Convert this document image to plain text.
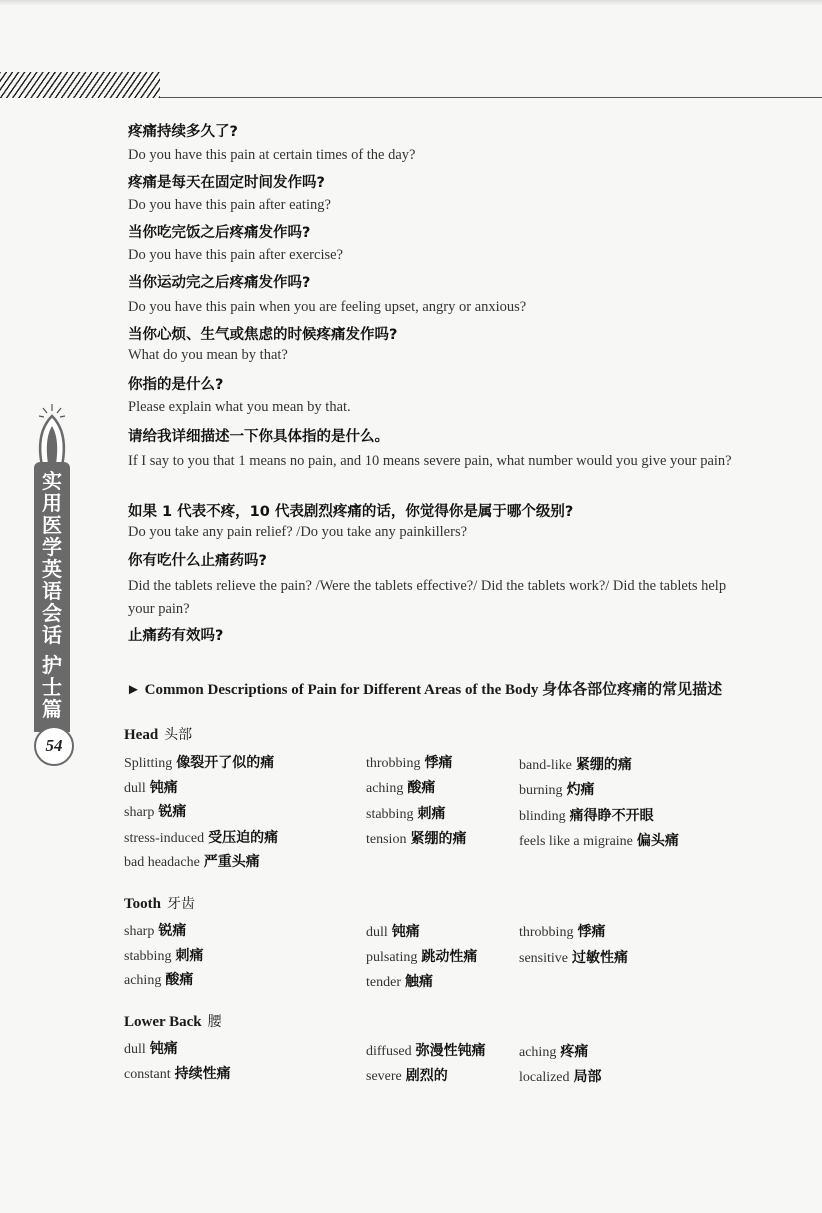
实用医学英语会话
护士篇
54

疼痛持续多久了?

Do you have this pain at certain times of the day?

疼痛是每天在固定时间发作吗?

Do you have this pain after eating?

当你吃完饭之后疼痛发作吗?

Do you have this pain after exercise?

当你运动完之后疼痛发作吗?

Do you have this pain when you are feeling upset, angry or anxious?

当你心烦、生气或焦虑的时候疼痛发作吗?

What do you mean by that?

你指的是什么?

Please explain what you mean by that.

请给我详细描述一下你具体指的是什么。

If I say to you that 1 means no pain, and 10 means severe pain, what number would you give your pain?

如果 1 代表不疼，10 代表剧烈疼痛的话，你觉得你是属于哪个级别?

Do you take any pain relief? /Do you take any painkillers?

你有吃什么止痛药吗?

Did the tablets relieve the pain? /Were the tablets effective?/ Did the tablets work?/ Did the tablets help your pain?

止痛药有效吗?

► Common Descriptions of Pain for Different Areas of the Body 身体各部位疼痛的常见描述
Head 头部
Splitting 像裂开了似的痛	throbbing 悸痛	band-like 紧绷的痛
dull 钝痛	aching 酸痛	burning 灼痛
sharp 锐痛	stabbing 刺痛	blinding 痛得睁不开眼
stress-induced 受压迫的痛	tension 紧绷的痛	feels like a migraine 偏头痛
bad headache 严重头痛
Tooth 牙齿
sharp 锐痛	dull 钝痛	throbbing 悸痛
stabbing 刺痛	pulsating 跳动性痛	sensitive 过敏性痛
aching 酸痛	tender 触痛
Lower Back 腰
dull 钝痛	diffused 弥漫性钝痛 aching 疼痛
constant 持续性痛	severe 剧烈的	localized 局部
